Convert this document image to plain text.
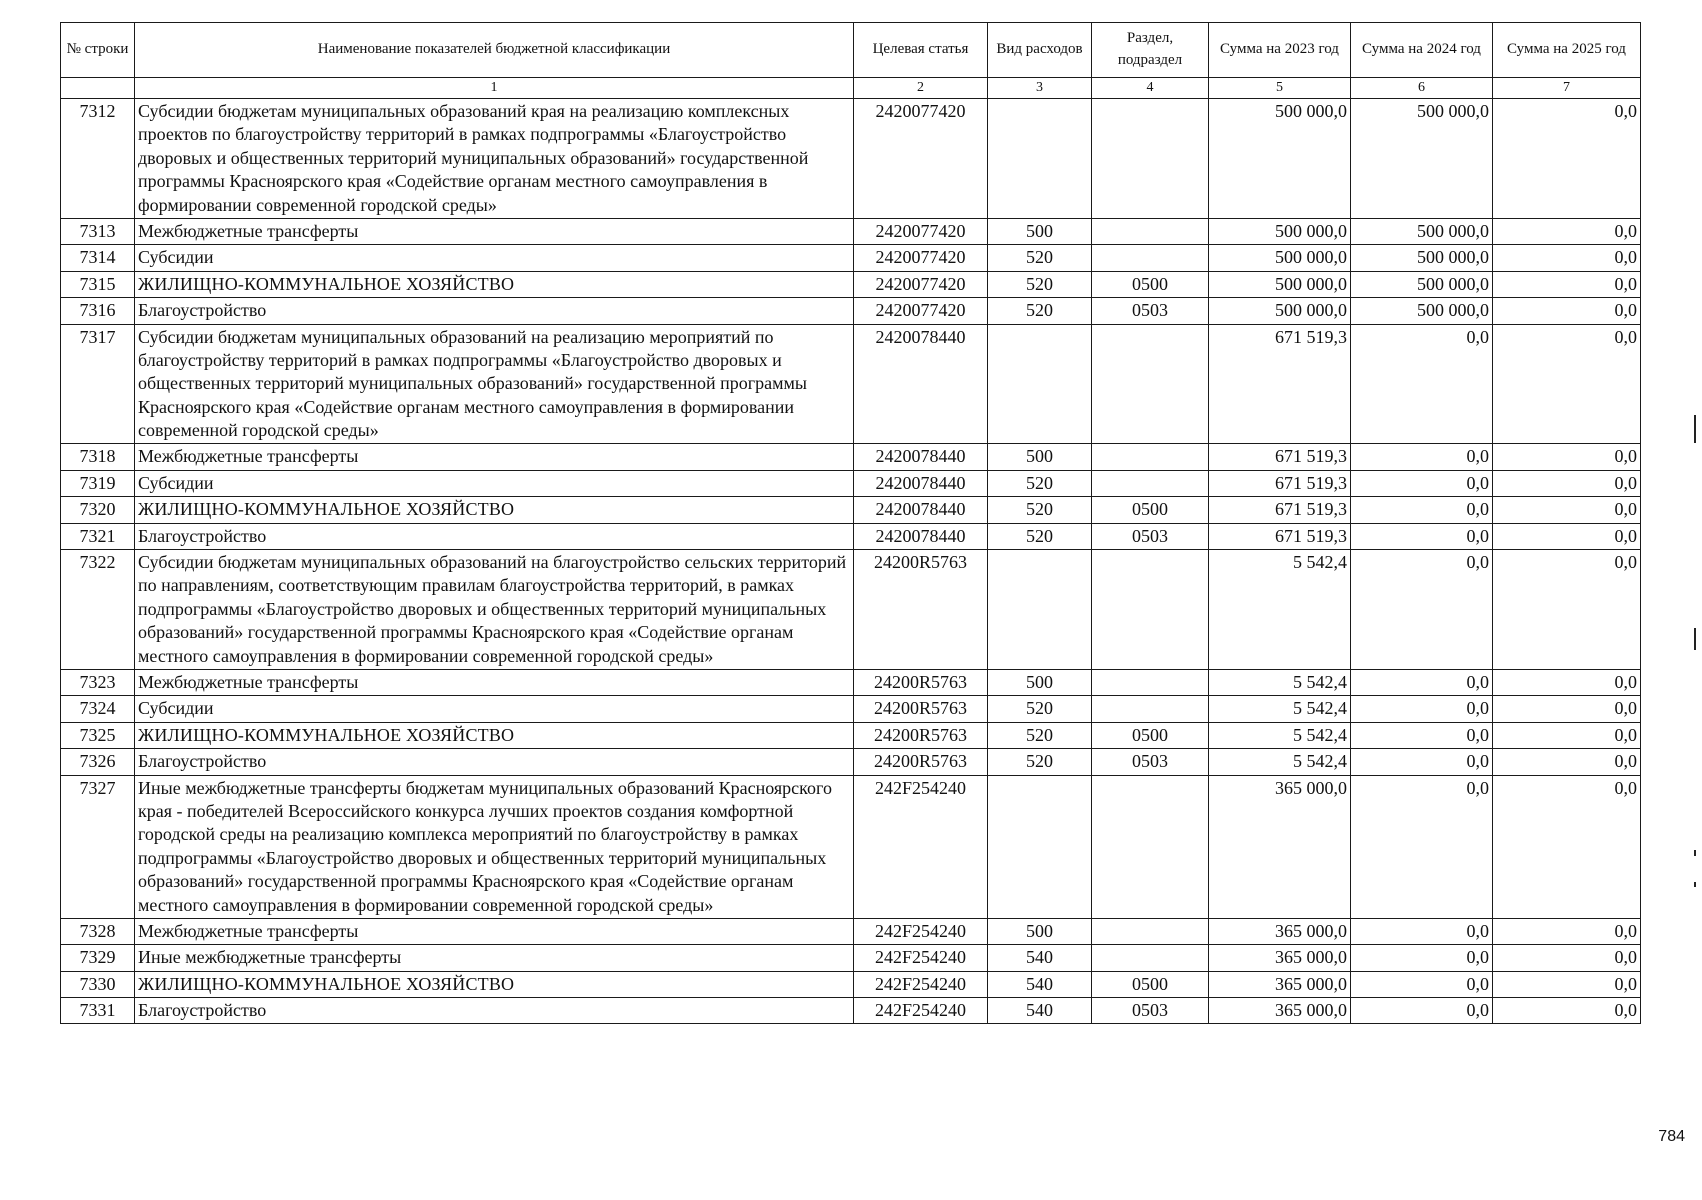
№ строки	Наименование показателей бюджетной классификации	Целевая статья	Вид расходов	Раздел, подраздел	Сумма на 2023 год	Сумма на 2024 год	Сумма на 2025 год
	1	2	3	4	5	6	7
7312	Субсидии бюджетам муниципальных образований края на реализацию комплексных проектов по благоустройству территорий в рамках подпрограммы «Благоустройство дворовых и общественных территорий муниципальных образований» государственной программы Красноярского края «Содействие органам местного самоуправления в формировании современной городской среды»	2420077420			500 000,0	500 000,0	0,0
7313	Межбюджетные трансферты	2420077420	500		500 000,0	500 000,0	0,0
7314	Субсидии	2420077420	520		500 000,0	500 000,0	0,0
7315	ЖИЛИЩНО-КОММУНАЛЬНОЕ ХОЗЯЙСТВО	2420077420	520	0500	500 000,0	500 000,0	0,0
7316	Благоустройство	2420077420	520	0503	500 000,0	500 000,0	0,0
7317	Субсидии бюджетам муниципальных образований на реализацию мероприятий по благоустройству территорий в рамках подпрограммы «Благоустройство дворовых и общественных территорий муниципальных образований» государственной программы Красноярского края «Содействие органам местного самоуправления в формировании современной городской среды»	2420078440			671 519,3	0,0	0,0
7318	Межбюджетные трансферты	2420078440	500		671 519,3	0,0	0,0
7319	Субсидии	2420078440	520		671 519,3	0,0	0,0
7320	ЖИЛИЩНО-КОММУНАЛЬНОЕ ХОЗЯЙСТВО	2420078440	520	0500	671 519,3	0,0	0,0
7321	Благоустройство	2420078440	520	0503	671 519,3	0,0	0,0
7322	Субсидии бюджетам муниципальных образований на благоустройство сельских территорий по направлениям, соответствующим правилам благоустройства территорий, в рамках подпрограммы «Благоустройство дворовых и общественных территорий муниципальных образований» государственной программы Красноярского края «Содействие органам местного самоуправления в формировании современной городской среды»	24200R5763			5 542,4	0,0	0,0
7323	Межбюджетные трансферты	24200R5763	500		5 542,4	0,0	0,0
7324	Субсидии	24200R5763	520		5 542,4	0,0	0,0
7325	ЖИЛИЩНО-КОММУНАЛЬНОЕ ХОЗЯЙСТВО	24200R5763	520	0500	5 542,4	0,0	0,0
7326	Благоустройство	24200R5763	520	0503	5 542,4	0,0	0,0
7327	Иные межбюджетные трансферты бюджетам муниципальных образований Красноярского края - победителей Всероссийского конкурса лучших проектов создания комфортной городской среды на реализацию комплекса мероприятий по благоустройству в рамках подпрограммы «Благоустройство дворовых и общественных территорий муниципальных образований» государственной программы Красноярского края «Содействие органам местного самоуправления в формировании современной городской среды»	242F254240			365 000,0	0,0	0,0
7328	Межбюджетные трансферты	242F254240	500		365 000,0	0,0	0,0
7329	Иные межбюджетные трансферты	242F254240	540		365 000,0	0,0	0,0
7330	ЖИЛИЩНО-КОММУНАЛЬНОЕ ХОЗЯЙСТВО	242F254240	540	0500	365 000,0	0,0	0,0
7331	Благоустройство	242F254240	540	0503	365 000,0	0,0	0,0
784
